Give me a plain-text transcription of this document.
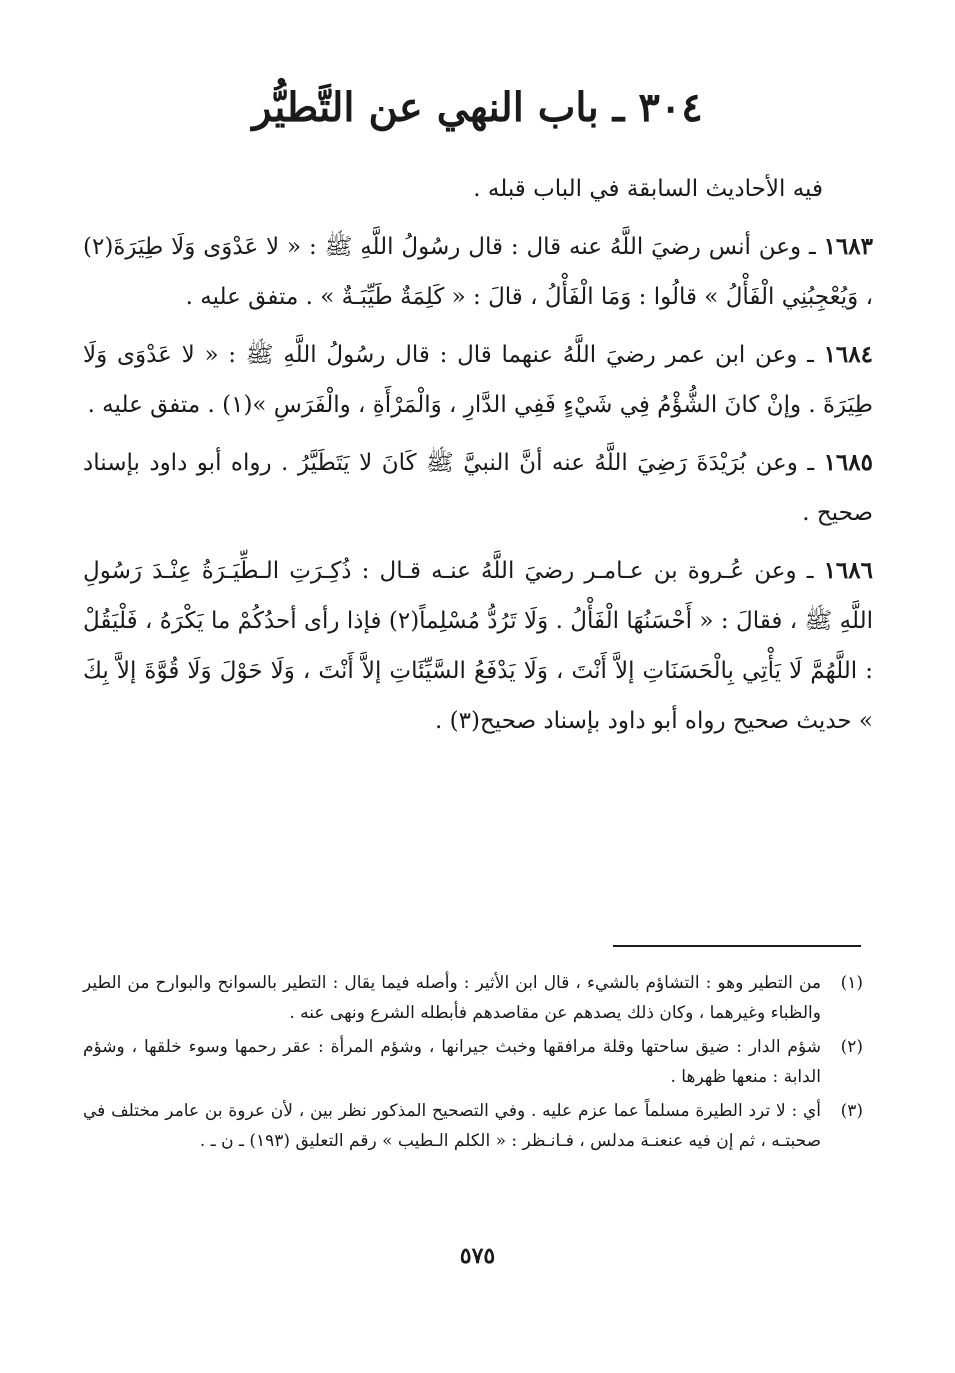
٣٠٤ ـ باب النهي عن التَّطيُّر

فيه الأحاديث السابقة في الباب قبله .

١٦٨٣ ـ وعن أنس رضيَ اللَّهُ عنه قال : قال رسُولُ اللَّهِ ﷺ : « لا عَدْوَى وَلَا طِيَرَةَ(٢) ، وَيُعْجِبُنِي الْفَأْلُ » قالُوا : وَمَا الْفَأْلُ ، قالَ : « كَلِمَةٌ طَيِّبَـةٌ » . متفق عليه .

١٦٨٤ ـ وعن ابن عمر رضيَ اللَّهُ عنهما قال : قال رسُولُ اللَّهِ ﷺ : « لا عَدْوَى وَلَا طِيَرَةَ . وإنْ كانَ الشُّؤْمُ فِي شَيْءٍ فَفِي الدَّارِ ، وَالْمَرْأَةِ ، والْفَرَسِ »(١) . متفق عليه .

١٦٨٥ ـ وعن بُرَيْدَةَ رَضِيَ اللَّهُ عنه أنَّ النبيَّ ﷺ كَانَ لا يَتَطَيَّرُ . رواه أبو داود بإسناد صحيح .

١٦٨٦ ـ وعن عُـروة بن عـامـر رضيَ اللَّهُ عنـه قـال : ذُكِـرَتِ الـطِّيَـرَةُ عِنْـدَ رَسُولِ اللَّهِ ﷺ ، فقالَ : « أَحْسَنُهَا الْفَأْلُ . وَلَا تَرُدُّ مُسْلِماً(٢) فإذا رأى أحدُكُمْ ما يَكْرَهُ ، فَلْيَقُلْ : اللَّهُمَّ لَا يَأْتِي بِالْحَسَنَاتِ إلاَّ أَنْتَ ، وَلَا يَدْفَعُ السَّيِّئَاتِ إلاَّ أَنْتَ ، وَلَا حَوْلَ وَلَا قُوَّةَ إلاَّ بِكَ » حديث صحيح رواه أبو داود بإسناد صحيح(٣) .

(١)
من التطير وهو : التشاؤم بالشيء ، قال ابن الأثير : وأصله فيما يقال : التطير بالسوانح والبوارح من الطير والظباء وغيرهما ، وكان ذلك يصدهم عن مقاصدهم فأبطله الشرع ونهى عنه .

(٢)
شؤم الدار : ضيق ساحتها وقلة مرافقها وخبث جيرانها ، وشؤم المرأة : عقر رحمها وسوء خلقها ، وشؤم الدابة : منعها ظهرها .

(٣)
أي : لا ترد الطيرة مسلماً عما عزم عليه . وفي التصحيح المذكور نظر بين ، لأن عروة بن عامر مختلف في صحبتـه ، ثم إن فيه عنعنـة مدلس ، فـانـظر : « الكلم الـطيب » رقم التعليق (١٩٣) ـ ن ـ .

٥٧٥
